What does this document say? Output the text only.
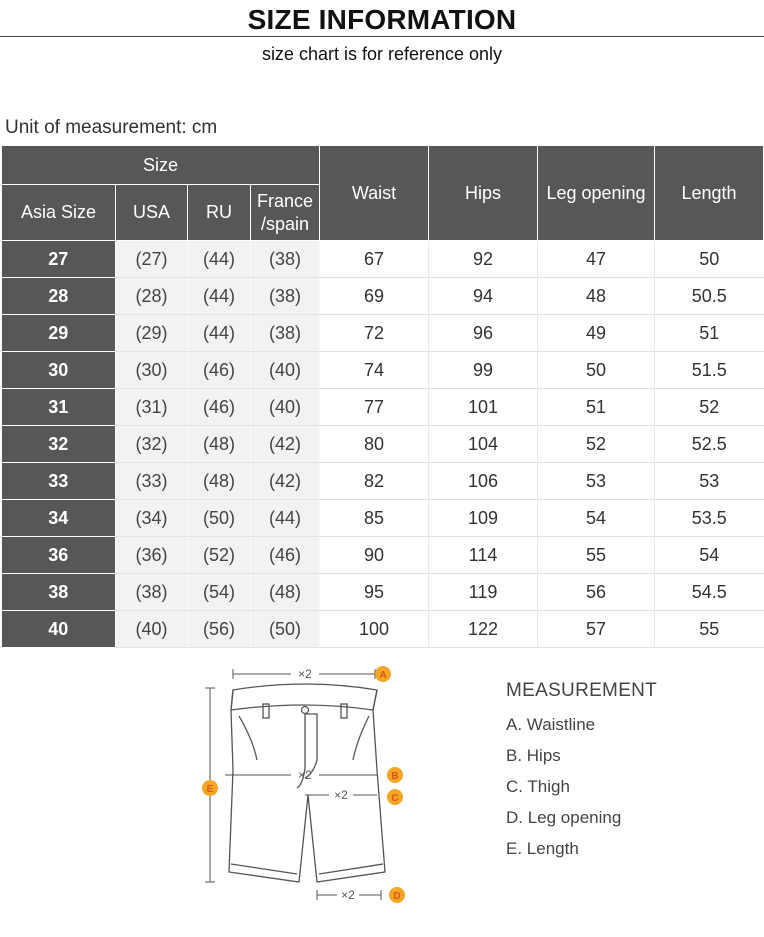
SIZE INFORMATION
size chart is for reference only
Unit of measurement: cm
Size				Waist	Hips	Leg opening	Length
Asia Size	USA	RU	France
/spain				
27	(27)	(44)	(38)	67	92	47	50
28	(28)	(44)	(38)	69	94	48	50.5
29	(29)	(44)	(38)	72	96	49	51
30	(30)	(46)	(40)	74	99	50	51.5
31	(31)	(46)	(40)	77	101	51	52
32	(32)	(48)	(42)	80	104	52	52.5
33	(33)	(48)	(42)	82	106	53	53
34	(34)	(50)	(44)	85	109	54	53.5
36	(36)	(52)	(46)	90	114	55	54
38	(38)	(54)	(48)	95	119	56	54.5
40	(40)	(56)	(50)	100	122	57	55
×2
×2
×2
×2
A
B
C
D
E
MEASUREMENT
A. Waistline
B. Hips
C. Thigh
D. Leg opening
E. Length
